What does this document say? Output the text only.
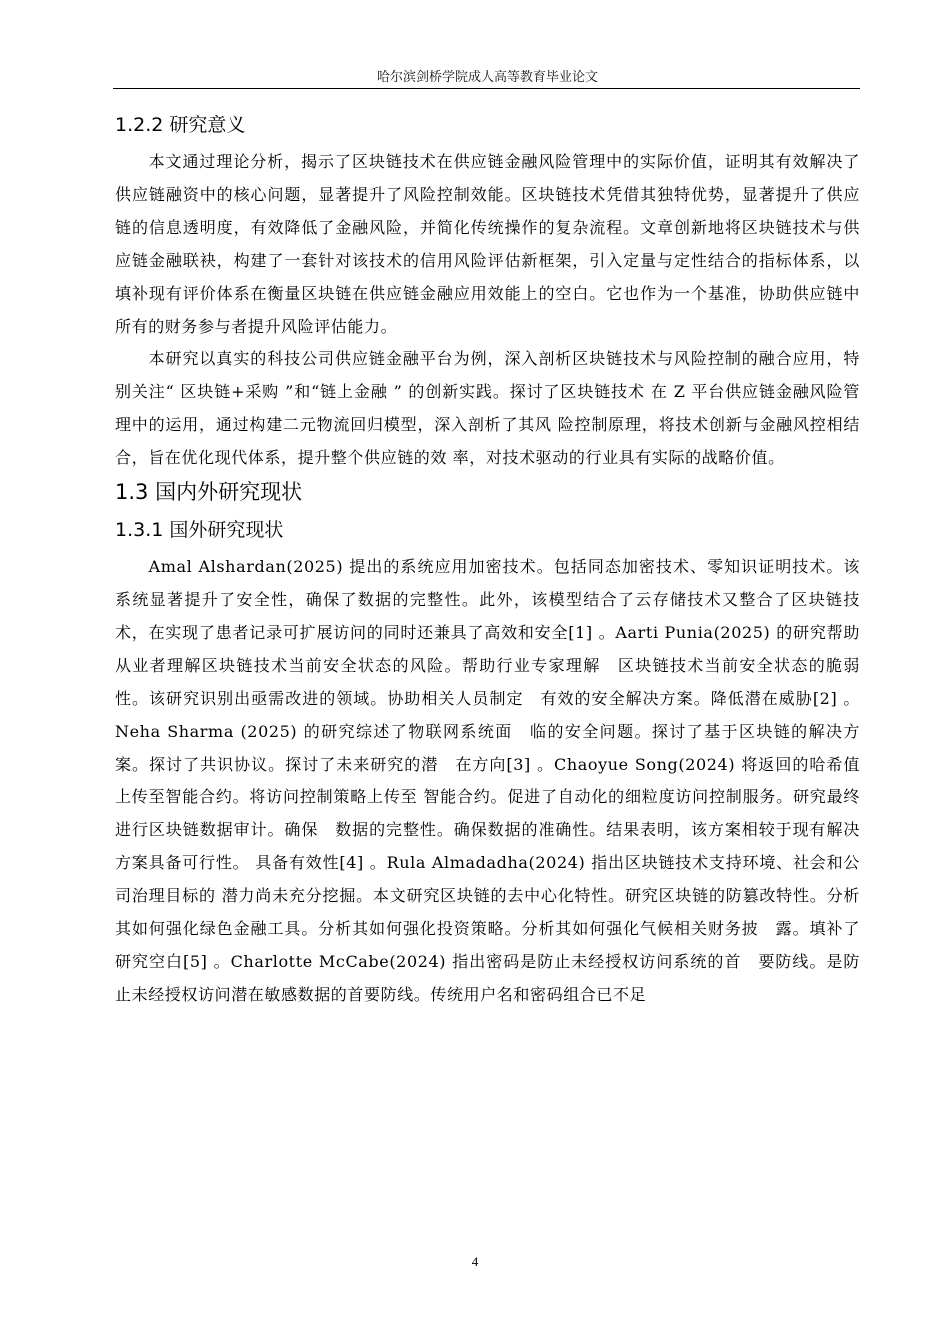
哈尔滨剑桥学院成人高等教育毕业论文
1.2.2 研究意义

本文通过理论分析，揭示了区块链技术在供应链金融风险管理中的实际价值，证明其有效解决了供应链融资中的核心问题，显著提升了风险控制效能。区块链技术凭借其独特优势，显著提升了供应链的信息透明度，有效降低了金融风险，并简化传统操作的复杂流程。文章创新地将区块链技术与供应链金融联袂，构建了一套针对该技术的信用风险评估新框架，引入定量与定性结合的指标体系，以填补现有评价体系在衡量区块链在供应链金融应用效能上的空白。它也作为一个基准，协助供应链中所有的财务参与者提升风险评估能力。

本研究以真实的科技公司供应链金融平台为例，深入剖析区块链技术与风险控制的融合应用，特别关注“ 区块链+采购 ”和“链上金融 ” 的创新实践。探讨了区块链技术 在 Z 平台供应链金融风险管理中的运用，通过构建二元物流回归模型，深入剖析了其风 险控制原理，将技术创新与金融风控相结合，旨在优化现代体系，提升整个供应链的效 率，对技术驱动的行业具有实际的战略价值。

1.3 国内外研究现状
1.3.1 国外研究现状

Amal Alshardan(2025) 提出的系统应用加密技术。包括同态加密技术、零知识证明技术。该系统显著提升了安全性，确保了数据的完整性。此外，该模型结合了云存储技术又整合了区块链技术，在实现了患者记录可扩展访问的同时还兼具了高效和安全[1] 。Aarti Punia(2025) 的研究帮助从业者理解区块链技术当前安全状态的风险。帮助行业专家理解　区块链技术当前安全状态的脆弱性。该研究识别出亟需改进的领域。协助相关人员制定　有效的安全解决方案。降低潜在威胁[2] 。Neha Sharma (2025) 的研究综述了物联网系统面　临的安全问题。探讨了基于区块链的解决方案。探讨了共识协议。探讨了未来研究的潜　在方向[3] 。Chaoyue Song(2024) 将返回的哈希值上传至智能合约。将访问控制策略上传至 智能合约。促进了自动化的细粒度访问控制服务。研究最终进行区块链数据审计。确保　数据的完整性。确保数据的准确性。结果表明，该方案相较于现有解决方案具备可行性。 具备有效性[4] 。Rula Almadadha(2024) 指出区块链技术支持环境、社会和公司治理目标的 潜力尚未充分挖掘。本文研究区块链的去中心化特性。研究区块链的防篡改特性。分析　其如何强化绿色金融工具。分析其如何强化投资策略。分析其如何强化气候相关财务披　露。填补了研究空白[5] 。Charlotte McCabe(2024) 指出密码是防止未经授权访问系统的首　要防线。是防止未经授权访问潜在敏感数据的首要防线。传统用户名和密码组合已不足

4
